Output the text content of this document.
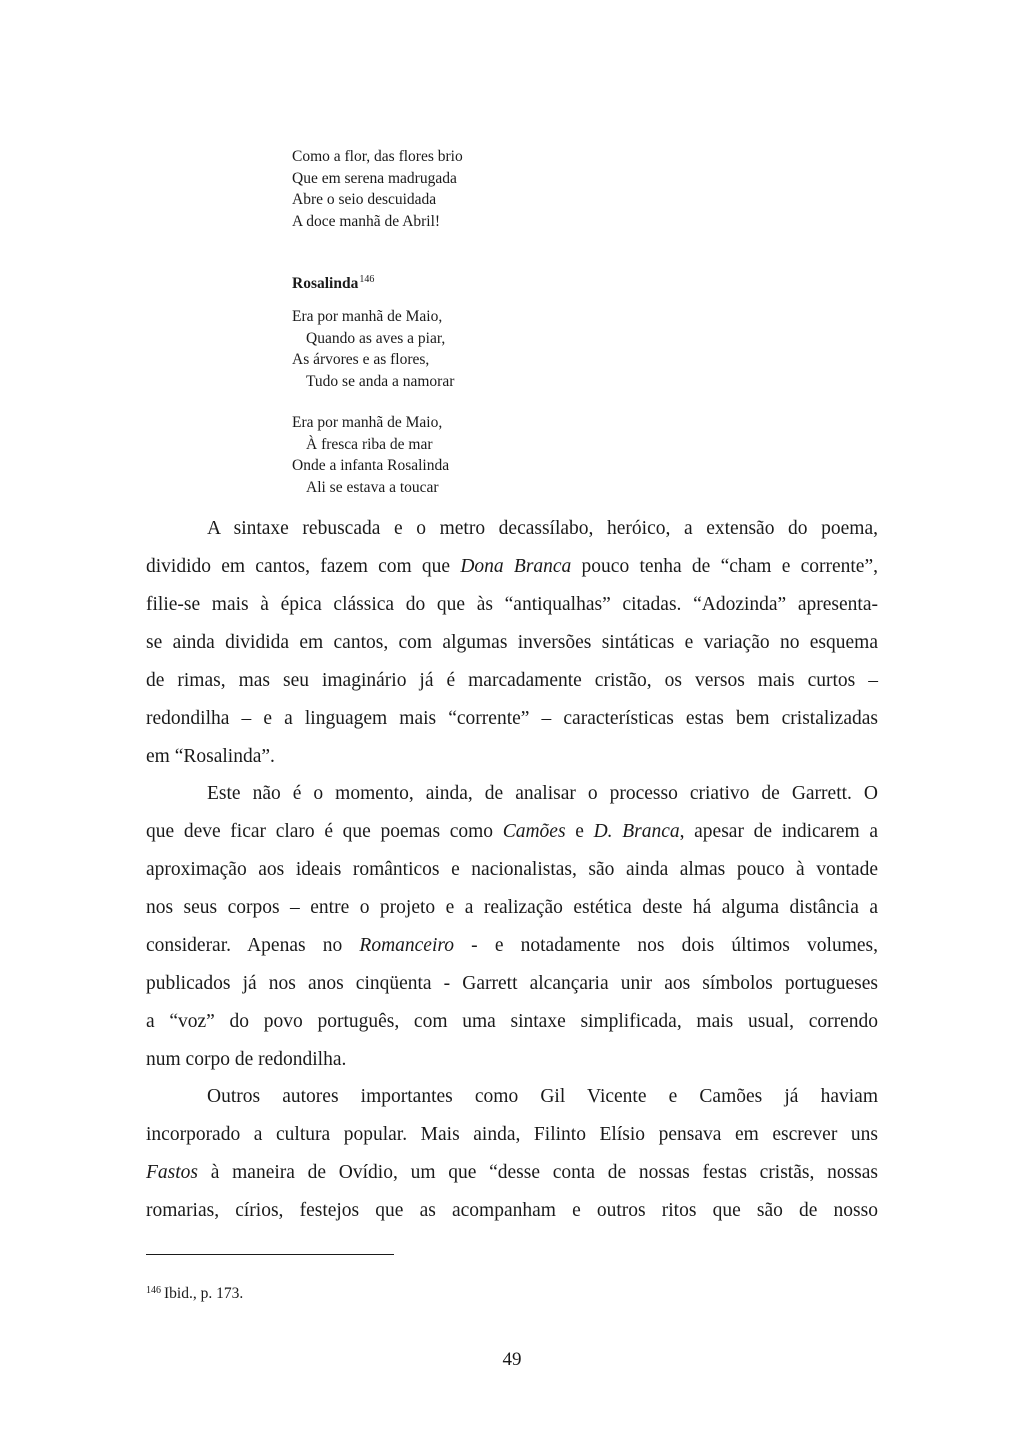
Como a flor, das flores brio
Que em serena madrugada
Abre o seio descuidada
A doce manhã de Abril!
Rosalinda$^{146}$
Era por manhã de Maio,
Quando as aves a piar,
As árvores e as flores,
Tudo se anda a namorar
Era por manhã de Maio,
À fresca riba de mar
Onde a infanta Rosalinda
Ali se estava a toucar
A sintaxe rebuscada e o metro decassílabo, heróico, a extensão do poema,
dividido em cantos, fazem com que Dona Branca pouco tenha de “cham e corrente”,
filie-se mais à épica clássica do que às “antiqualhas” citadas. “Adozinda” apresenta-
se ainda dividida em cantos, com algumas inversões sintáticas e variação no esquema
de rimas, mas seu imaginário já é marcadamente cristão, os versos mais curtos –
redondilha – e a linguagem mais “corrente” – características estas bem cristalizadas
em “Rosalinda”.
Este não é o momento, ainda, de analisar o processo criativo de Garrett. O
que deve ficar claro é que poemas como Camões e D. Branca, apesar de indicarem a
aproximação aos ideais românticos e nacionalistas, são ainda almas pouco à vontade
nos seus corpos – entre o projeto e a realização estética deste há alguma distância a
considerar. Apenas no Romanceiro - e notadamente nos dois últimos volumes,
publicados já nos anos cinqüenta - Garrett alcançaria unir aos símbolos portugueses
a “voz” do povo português, com uma sintaxe simplificada, mais usual, correndo
num corpo de redondilha.
Outros autores importantes como Gil Vicente e Camões já haviam
incorporado a cultura popular. Mais ainda, Filinto Elísio pensava em escrever uns
Fastos à maneira de Ovídio, um que “desse conta de nossas festas cristãs, nossas
romarias, círios, festejos que as acompanham e outros ritos que são de nosso
$^{146}$ Ibid., p. 173.
49
